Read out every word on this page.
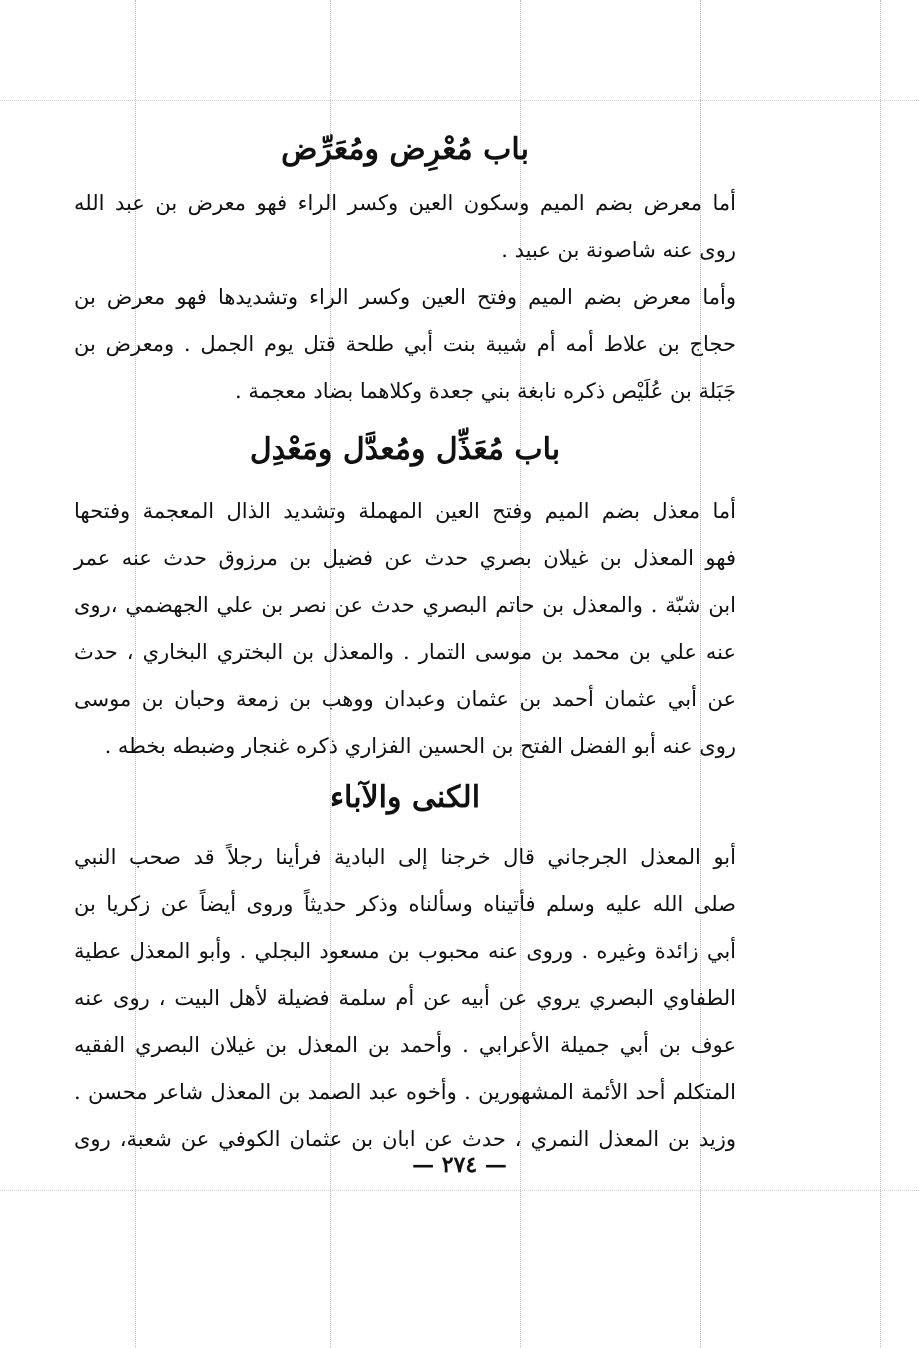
باب مُعْرِض ومُعَرِّض
أما معرض بضم الميم وسكون العين وكسر الراء فهو معرض بن عبد الله
روى عنه شاصونة بن عبيد .
وأما معرض بضم الميم وفتح العين وكسر الراء وتشديدها فهو معرض بن
حجاج بن علاط أمه أم شيبة بنت أبي طلحة قتل يوم الجمل . ومعرض بن
جَبَلة بن عُلَيْص ذكره نابغة بني جعدة وكلاهما بضاد معجمة .
باب مُعَذِّل ومُعدَّل ومَعْدِل
أما معذل بضم الميم وفتح العين المهملة وتشديد الذال المعجمة وفتحها
فهو المعذل بن غيلان بصري حدث عن فضيل بن مرزوق حدث عنه عمر
ابن شبّة . والمعذل بن حاتم البصري حدث عن نصر بن علي الجهضمي ،روى
عنه علي بن محمد بن موسى التمار . والمعذل بن البختري البخاري ، حدث
عن أبي عثمان أحمد بن عثمان وعبدان ووهب بن زمعة وحبان بن موسى
روى عنه أبو الفضل الفتح بن الحسين الفزاري ذكره غنجار وضبطه بخطه .
الكنى والآباء
أبو المعذل الجرجاني قال خرجنا إلى البادية فرأينا رجلاً قد صحب النبي
صلى الله عليه وسلم فأتيناه وسألناه وذكر حديثاً وروى أيضاً عن زكريا بن
أبي زائدة وغيره . وروى عنه محبوب بن مسعود البجلي . وأبو المعذل عطية
الطفاوي البصري يروي عن أبيه عن أم سلمة فضيلة لأهل البيت ، روى عنه
عوف بن أبي جميلة الأعرابي . وأحمد بن المعذل بن غيلان البصري الفقيه
المتكلم أحد الأئمة المشهورين . وأخوه عبد الصمد بن المعذل شاعر محسن .
وزيد بن المعذل النمري ، حدث عن ابان بن عثمان الكوفي عن شعبة، روى
— ٢٧٤ —
